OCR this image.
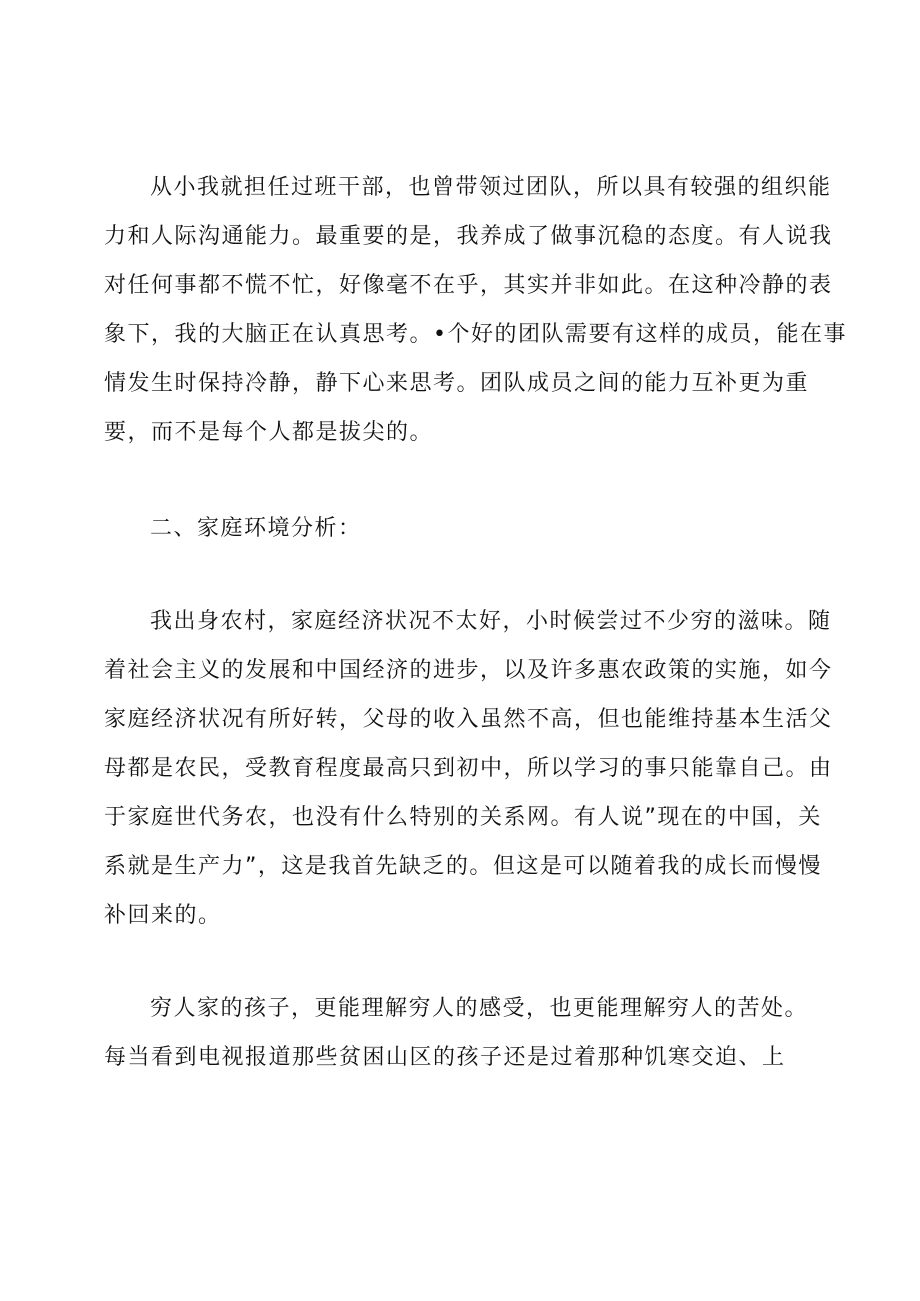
从小我就担任过班干部，也曾带领过团队，所以具有较强的组织能
力和人际沟通能力。最重要的是，我养成了做事沉稳的态度。有人说我
对任何事都不慌不忙，好像毫不在乎，其实并非如此。在这种冷静的表
象下，我的大脑正在认真思考。•个好的团队需要有这样的成员，能在事
情发生时保持冷静，静下心来思考。团队成员之间的能力互补更为重
要，而不是每个人都是拔尖的。
二、家庭环境分析：
我出身农村，家庭经济状况不太好，小时候尝过不少穷的滋味。随
着社会主义的发展和中国经济的进步，以及许多惠农政策的实施，如今
家庭经济状况有所好转，父母的收入虽然不高，但也能维持基本生活父
母都是农民，受教育程度最高只到初中，所以学习的事只能靠自己。由
于家庭世代务农，也没有什么特别的关系网。有人说”现在的中国，关
系就是生产力”，这是我首先缺乏的。但这是可以随着我的成长而慢慢
补回来的。
穷人家的孩子，更能理解穷人的感受，也更能理解穷人的苦处。
每当看到电视报道那些贫困山区的孩子还是过着那种饥寒交迫、上
